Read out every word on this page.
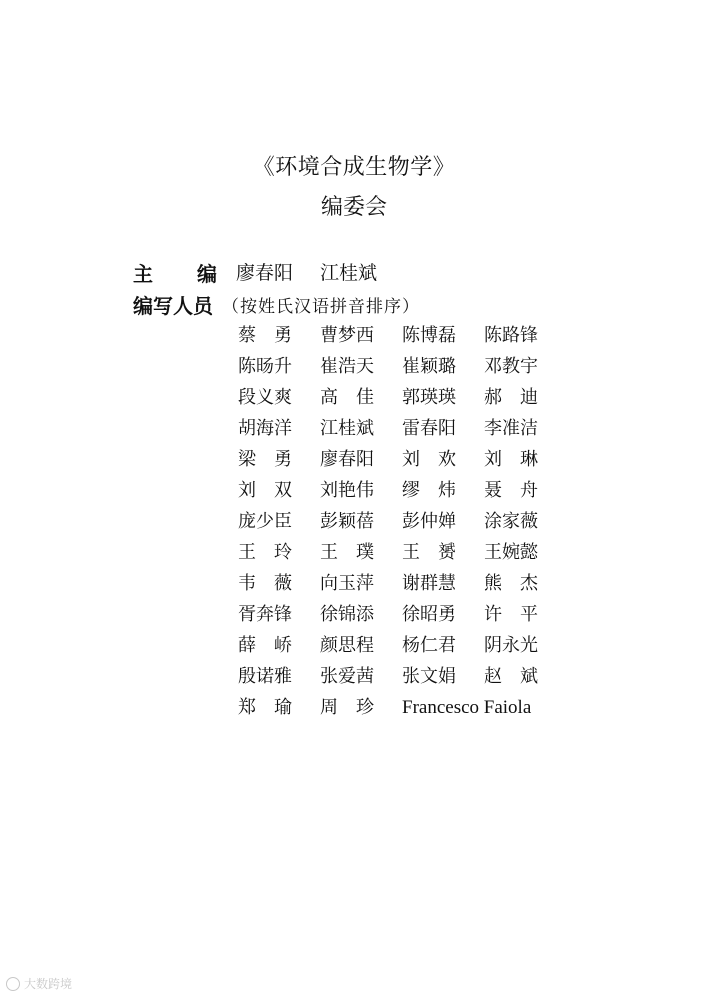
《环境合成生物学》
编委会
主 编 廖春阳	江桂斌
编写人员 （按姓氏汉语拼音排序）
蔡　勇	曹梦西	陈博磊	陈路锋
陈旸升	崔浩天	崔颖璐	邓教宇
段义爽	高　佳	郭瑛瑛	郝　迪
胡海洋	江桂斌	雷春阳	李准洁
梁　勇	廖春阳	刘　欢	刘　琳
刘　双	刘艳伟	缪　炜	聂　舟
庞少臣	彭颖蓓	彭仲婵	涂家薇
王　玲	王　璞	王　赟	王婉懿
韦　薇	向玉萍	谢群慧	熊　杰
胥奔锋	徐锦添	徐昭勇	许　平
薛　峤	颜思程	杨仁君	阴永光
殷诺雅	张爱茜	张文娟	赵　斌
郑　瑜	周　珍	Francesco Faiola
大数跨境
